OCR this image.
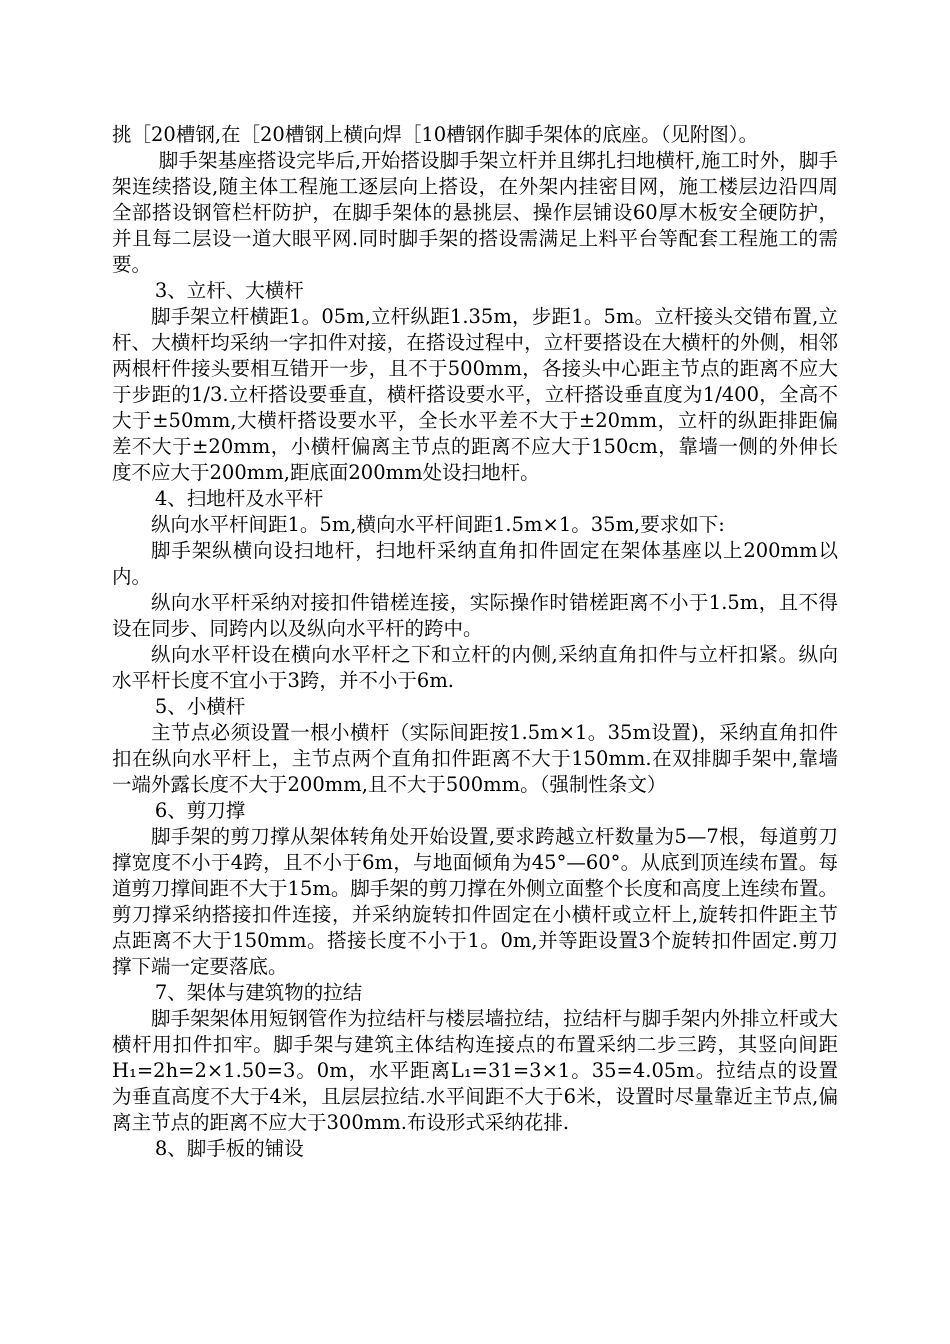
挑［20槽钢,在［20槽钢上横向焊［10槽钢作脚手架体的底座。（见附图）。

脚手架基座搭设完毕后,开始搭设脚手架立杆并且绑扎扫地横杆,施工时外，脚手架连续搭设,随主体工程施工逐层向上搭设，在外架内挂密目网，施工楼层边沿四周全部搭设钢管栏杆防护，在脚手架体的悬挑层、操作层铺设60厚木板安全硬防护，并且每二层设一道大眼平网.同时脚手架的搭设需满足上料平台等配套工程施工的需要。

3、立杆、大横杆

脚手架立杆横距1。05m,立杆纵距1.35m，步距1。5m。立杆接头交错布置,立杆、大横杆均采纳一字扣件对接，在搭设过程中，立杆要搭设在大横杆的外侧，相邻两根杆件接头要相互错开一步，且不于500mm，各接头中心距主节点的距离不应大于步距的1/3.立杆搭设要垂直，横杆搭设要水平，立杆搭设垂直度为1/400，全高不大于±50mm,大横杆搭设要水平，全长水平差不大于±20mm，立杆的纵距排距偏差不大于±20mm，小横杆偏离主节点的距离不应大于150cm，靠墙一侧的外伸长度不应大于200mm,距底面200mm处设扫地杆。

4、扫地杆及水平杆

纵向水平杆间距1。5m,横向水平杆间距1.5m×1。35m,要求如下:

脚手架纵横向设扫地杆，扫地杆采纳直角扣件固定在架体基座以上200mm以内。

纵向水平杆采纳对接扣件错槎连接，实际操作时错槎距离不小于1.5m，且不得设在同步、同跨内以及纵向水平杆的跨中。

纵向水平杆设在横向水平杆之下和立杆的内侧,采纳直角扣件与立杆扣紧。纵向水平杆长度不宜小于3跨，并不小于6m.

5、小横杆

主节点必须设置一根小横杆（实际间距按1.5m×1。35m设置)，采纳直角扣件扣在纵向水平杆上，主节点两个直角扣件距离不大于150mm.在双排脚手架中,靠墙一端外露长度不大于200mm,且不大于500mm。（强制性条文）

6、剪刀撑

脚手架的剪刀撑从架体转角处开始设置,要求跨越立杆数量为5—7根，每道剪刀撑宽度不小于4跨，且不小于6m，与地面倾角为45°—60°。从底到顶连续布置。每道剪刀撑间距不大于15m。脚手架的剪刀撑在外侧立面整个长度和高度上连续布置。剪刀撑采纳搭接扣件连接，并采纳旋转扣件固定在小横杆或立杆上,旋转扣件距主节点距离不大于150mm。搭接长度不小于1。0m,并等距设置3个旋转扣件固定.剪刀撑下端一定要落底。

7、架体与建筑物的拉结

脚手架架体用短钢管作为拉结杆与楼层墙拉结，拉结杆与脚手架内外排立杆或大横杆用扣件扣牢。脚手架与建筑主体结构连接点的布置采纳二步三跨，其竖向间距H₁=2h=2×1.50=3。0m，水平距离L₁=31=3×1。35=4.05m。拉结点的设置为垂直高度不大于4米，且层层拉结.水平间距不大于6米，设置时尽量靠近主节点,偏离主节点的距离不应大于300mm.布设形式采纳花排.

8、脚手板的铺设
